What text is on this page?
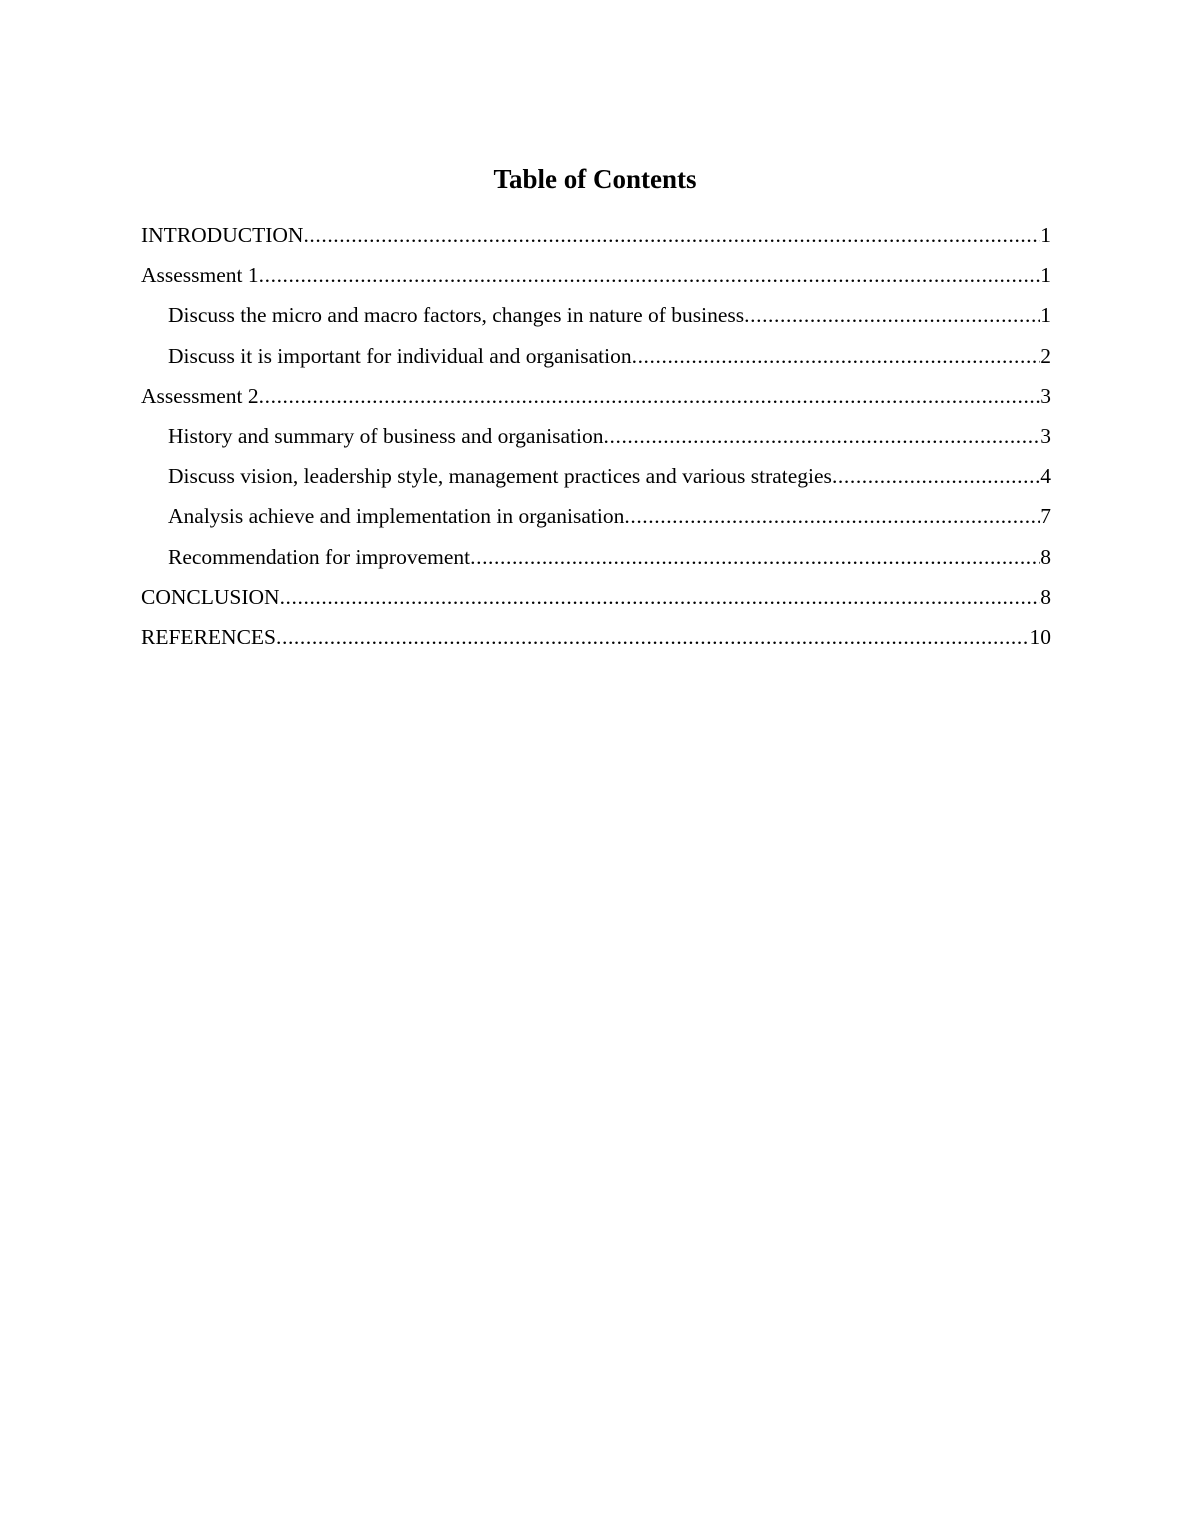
Table of Contents
INTRODUCTION .....	1
Assessment 1 .....	1
Discuss the micro and macro factors, changes in nature of business .....	1
Discuss it is important for individual and organisation .....	2
Assessment 2 .....	3
History and summary of business and organisation .....	3
Discuss vision, leadership style, management practices and various strategies .....	4
Analysis achieve and implementation in organisation .....	7
Recommendation for improvement .....	8
CONCLUSION .....	8
REFERENCES .....	10
